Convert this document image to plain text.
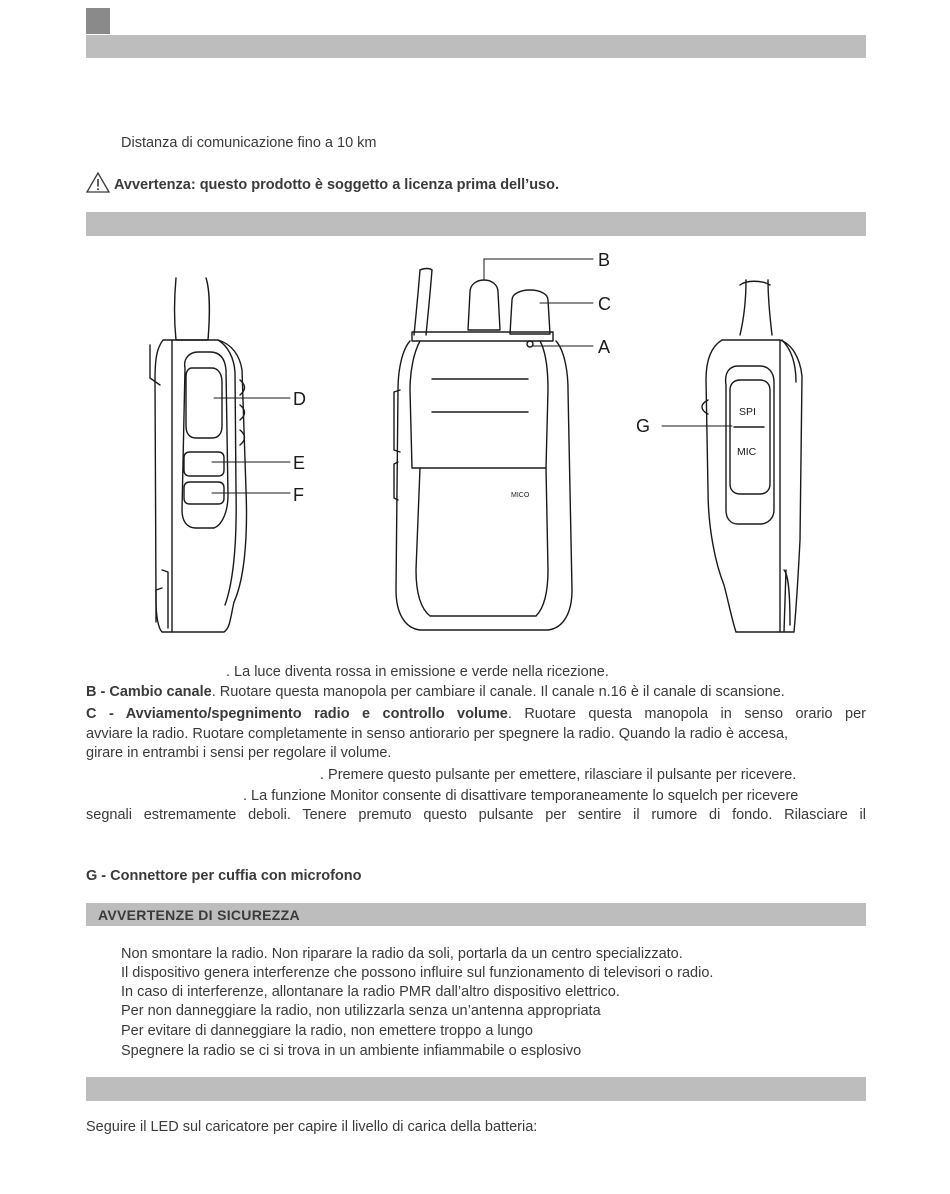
Distanza di comunicazione fino a 10 km
Avvertenza: questo prodotto è soggetto a licenza prima dell’uso.
B
C
A
D
E
F
G
SPI
MIC
MICO
. La luce diventa rossa in emissione e verde nella ricezione.
B - Cambio canale. Ruotare questa manopola per cambiare il canale. Il canale n.16 è il canale di scansione.
C - Avviamento/spegnimento radio e controllo volume. Ruotare questa manopola in senso orario per
avviare la radio. Ruotare completamente in senso antiorario per spegnere la radio. Quando la radio è accesa,
girare in entrambi i sensi per regolare il volume.
. Premere questo pulsante per emettere, rilasciare il pulsante per ricevere.
. La funzione Monitor consente di disattivare temporaneamente lo squelch per ricevere
segnali estremamente deboli. Tenere premuto questo pulsante per sentire il rumore di fondo. Rilasciare il
G - Connettore per cuffia con microfono
AVVERTENZE DI SICUREZZA
Non smontare la radio. Non riparare la radio da soli, portarla da un centro specializzato.
Il dispositivo genera interferenze che possono influire sul funzionamento di televisori o radio.
In caso di interferenze, allontanare la radio PMR dall’altro dispositivo elettrico.
Per non danneggiare la radio, non utilizzarla senza un’antenna appropriata
Per evitare di danneggiare la radio, non emettere troppo a lungo
Spegnere la radio se ci si trova in un ambiente infiammabile o esplosivo
Seguire il LED sul caricatore per capire il livello di carica della batteria:
